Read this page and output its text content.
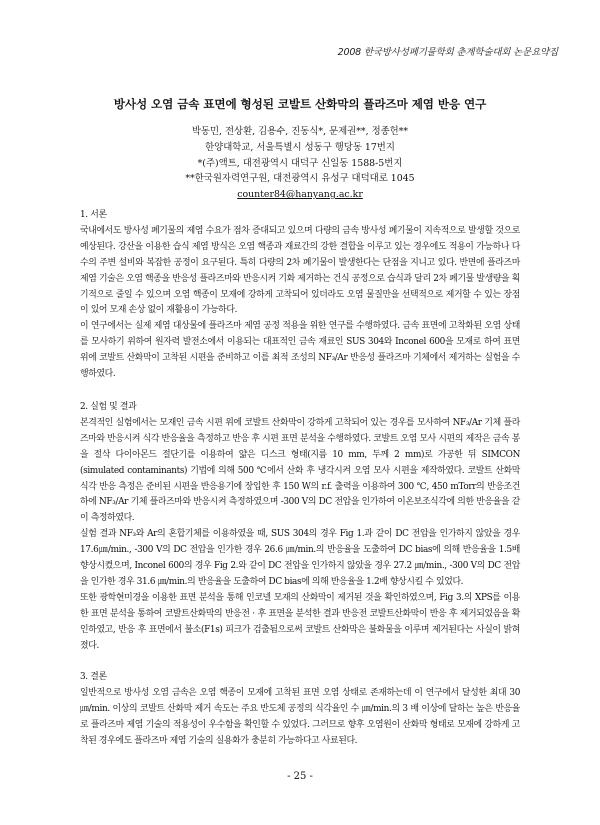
2008 한국방사성폐기물학회 춘계학술대회 논문요약집
방사성 오염 금속 표면에 형성된 코발트 산화막의 플라즈마 제염 반응 연구
박동민, 전상환, 김용수, 진동식*, 문제권**, 정종헌**
한양대학교, 서울특별시 성동구 행당동 17번지
*(주)액트, 대전광역시 대덕구 신일동 1588-5번지
**한국원자력연구원, 대전광역시 유성구 대덕대로 1045
counter84@hanyang.ac.kr

1. 서론

국내에서도 방사성 폐기물의 제염 수요가 점차 증대되고 있으며 다량의 금속 방사성 폐기물이 지속적으로 발생할 것으로 예상된다. 강산을 이용한 습식 제염 방식은 오염 핵종과 재료간의 강한 결합을 이루고 있는 경우에도 적용이 가능하나 다수의 주변 설비와 복잡한 공정이 요구된다. 특히 다량의 2차 폐기물이 발생한다는 단점을 지니고 있다. 반면에 플라즈마 제염 기술은 오염 핵종을 반응성 플라즈마와 반응시켜 기화 제거하는 건식 공정으로 습식과 달리 2차 폐기물 발생량을 획기적으로 줄일 수 있으며 오염 핵종이 모재에 강하게 고착되어 있더라도 오염 물질만을 선택적으로 제거할 수 있는 장점이 있어 모재 손상 없이 재활용이 가능하다.

이 연구에서는 실제 제염 대상물에 플라즈마 제염 공정 적용을 위한 연구를 수행하였다. 금속 표면에 고착화된 오염 상태를 모사하기 위하여 원자력 발전소에서 이용되는 대표적인 금속 재료인 SUS 304와 Inconel 600을 모재로 하여 표면 위에 코발트 산화막이 고착된 시편을 준비하고 이를 최적 조성의 NF₃/Ar 반응성 플라즈마 기체에서 제거하는 실험을 수행하였다.

2. 실험 및 결과

본격적인 실험에서는 모재인 금속 시편 위에 코발트 산화막이 강하게 고착되어 있는 경우를 모사하여 NF₃/Ar 기체 플라즈마와 반응시켜 식각 반응율을 측정하고 반응 후 시편 표면 분석을 수행하였다. 코발트 오염 모사 시편의 제작은 금속 봉을 절삭 다이아몬드 절단기를 이용하여 얇은 디스크 형태(지름 10 mm, 두께 2 mm)로 가공한 뒤 SIMCON (simulated contaminants) 기법에 의해 500 ℃에서 산화 후 냉각시켜 오염 모사 시편을 제작하였다. 코발트 산화막 식각 반응 측정은 준비된 시편을 반응용기에 장입한 후 150 W의 r.f. 출력을 이용하여 300 ℃, 450 mTorr의 반응조건 하에 NF₃/Ar 기체 플라즈마와 반응시켜 측정하였으며 -300 V의 DC 전압을 인가하여 이온보조식각에 의한 반응율을 같이 측정하였다.

실험 결과 NF₃와 Ar의 혼합기체를 이용하였을 때, SUS 304의 경우 Fig 1.과 같이 DC 전압을 인가하지 않았을 경우 17.6㎛/min., -300 V의 DC 전압을 인가한 경우 26.6 ㎛/min.의 반응율을 도출하여 DC bias에 의해 반응율을 1.5배 향상시켰으며, Inconel 600의 경우 Fig 2.와 같이 DC 전압을 인가하지 않았을 경우 27.2 ㎛/min., -300 V의 DC 전압을 인가한 경우 31.6 ㎛/min.의 반응율을 도출하여 DC bias에 의해 반응율을 1.2배 향상시킬 수 있었다.

또한 광학현미경을 이용한 표면 분석을 통해 인코넬 모재의 산화막이 제거된 것을 확인하였으며, Fig 3.의 XPS를 이용한 표면 분석을 통하여 코발트산화막의 반응전 · 후 표면을 분석한 결과 반응전 코발트산화막이 반응 후 제거되었음을 확인하였고, 반응 후 표면에서 불소(F1s) 피크가 검출됨으로써 코발트 산화막은 불화물을 이루며 제거된다는 사실이 밝혀졌다.

3. 결론

일반적으로 방사성 오염 금속은 오염 핵종이 모재에 고착된 표면 오염 상태로 존재하는데 이 연구에서 달성한 최대 30 ㎛/min. 이상의 코발트 산화막 제거 속도는 주요 반도체 공정의 식각율인 수 ㎛/min.의 3 배 이상에 달하는 높은 반응율로 플라즈마 제염 기술의 적용성이 우수함을 확인할 수 있었다. 그러므로 향후 오염원이 산화막 형태로 모재에 강하게 고착된 경우에도 플라즈마 제염 기술의 실용화가 충분히 가능하다고 사료된다.

- 25 -
